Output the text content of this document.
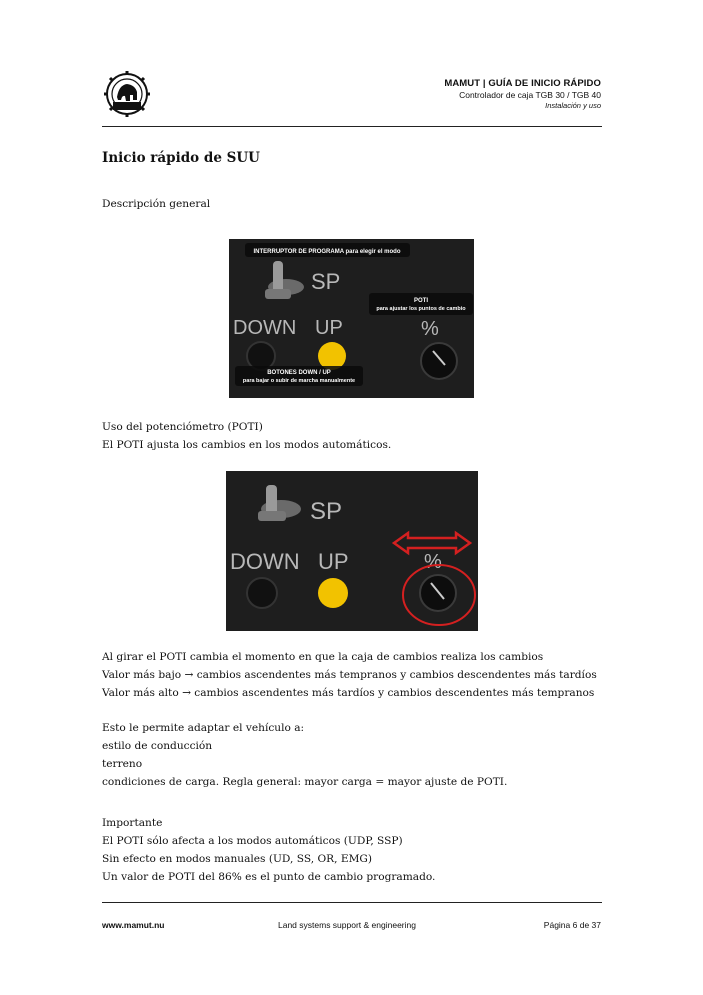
MAMUT | GUÍA DE INICIO RÁPIDO
Controlador de caja TGB 30 / TGB 40
Instalación y uso
Inicio rápido de SUU
Descripción general
SP
DOWN UP	%
INTERRUPTOR DE PROGRAMA para elegir el modo
POTI
para ajustar los puntos de cambio
BOTONES DOWN / UP
para bajar o subir de marcha manualmente
Uso del potenciómetro (POTI)
El POTI ajusta los cambios en los modos automáticos.
SP
DOWN UP	%
Al girar el POTI cambia el momento en que la caja de cambios realiza los cambios
Valor más bajo → cambios ascendentes más tempranos y cambios descendentes más tardíos
Valor más alto → cambios ascendentes más tardíos y cambios descendentes más tempranos
Esto le permite adaptar el vehículo a:
estilo de conducción
terreno
condiciones de carga. Regla general: mayor carga = mayor ajuste de POTI.
Importante
El POTI sólo afecta a los modos automáticos (UDP, SSP)
Sin efecto en modos manuales (UD, SS, OR, EMG)
Un valor de POTI del 86% es el punto de cambio programado.
www.mamut.nu	Land systems support & engineering	Página 6 de 37
